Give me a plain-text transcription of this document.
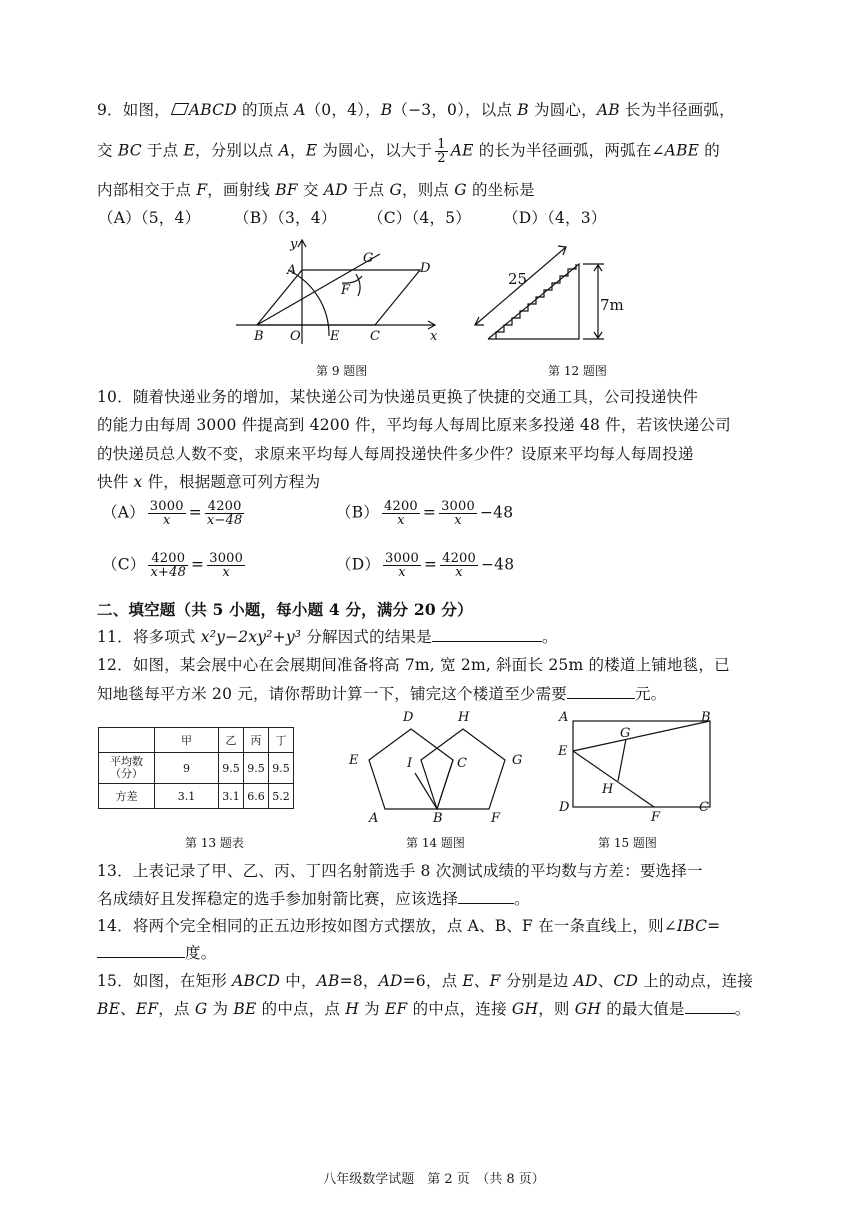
9．如图， ABCD 的顶点 A（0，4），B（−3，0），以点 B 为圆心，AB 长为半径画弧，
交 BC 于点 E，分别以点 A，E 为圆心，以大于 $\frac{1}{2}$ AE 的长为半径画弧，两弧在∠ABE 的
内部相交于点 F，画射线 BF 交 AD 于点 G，则点 G 的坐标是
（A）（5，4） （B）（3，4） （C）（4，5） （D）（4，3）
y
A
G
D
F
B O E C	x
第 9 题图
25
7m
第 12 题图
10．随着快递业务的增加，某快递公司为快递员更换了快捷的交通工具，公司投递快件
的能力由每周 3000 件提高到 4200 件，平均每人每周比原来多投递 48 件，若该快递公司
的快递员总人数不变，求原来平均每人每周投递快件多少件？设原来平均每人每周投递
快件 x 件，根据题意可列方程为
$(A) \frac{3000}{x} = \frac{4200}{x-48}$	$(B) \frac{4200}{x} = \frac{3000}{x} -48$
$(C) \frac{4200}{x+48} = \frac{3000}{x}$	$(D) \frac{3000}{x} = \frac{4200}{x} -48$
二、填空题（共 5 小题，每小题 4 分，满分 20 分）
11．将多项式 x²y−2xy²+y³ 分解因式的结果是	。
12．如图，某会展中心在会展期间准备将高 7m, 宽 2m, 斜面长 25m 的楼道上铺地毯，已
知地毯每平方米 20 元，请你帮助计算一下，铺完这个楼道至少需要	元。
	甲	乙	丙	丁
平均数
（分）	9	9.5	9.5	9.5
方差	3.1	3.1	6.6	5.2
第 13 题表
D	H
E	I	C	G
A	B	F
第 14 题图
A	B
G
E
H
D
F
C
第 15 题图
13．上表记录了甲、乙、丙、丁四名射箭选手 8 次测试成绩的平均数与方差：要选择一
名成绩好且发挥稳定的选手参加射箭比赛，应该选择	。
14．将两个完全相同的正五边形按如图方式摆放，点 A、B、F 在一条直线上，则∠IBC=
度。
15．如图，在矩形 ABCD 中，AB=8，AD=6，点 E、F 分别是边 AD、CD 上的动点，连接
BE、EF，点 G 为 BE 的中点，点 H 为 EF 的中点，连接 GH，则 GH 的最大值是	。
八年级数学试题　第 2 页　（共 8 页）
